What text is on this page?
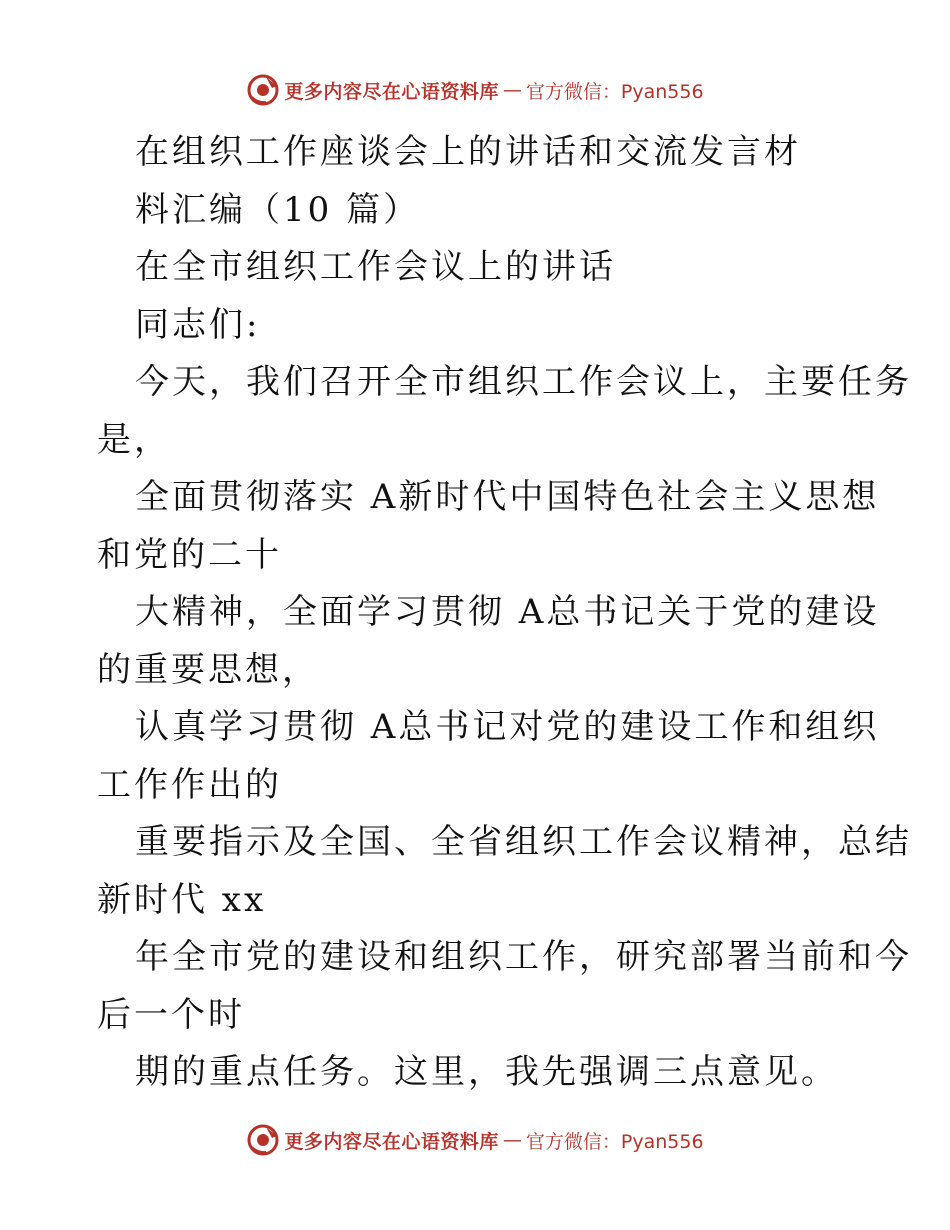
更多内容尽在心语资料库 — 官方微信：Pyan556
在组织工作座谈会上的讲话和交流发言材
料汇编（10 篇）
在全市组织工作会议上的讲话
同志们:
今天，我们召开全市组织工作会议上，主要任务
是，
全面贯彻落实 A新时代中国特色社会主义思想
和党的二十
大精神，全面学习贯彻 A总书记关于党的建设
的重要思想，
认真学习贯彻 A总书记对党的建设工作和组织
工作作出的
重要指示及全国、全省组织工作会议精神，总结
新时代 xx
年全市党的建设和组织工作，研究部署当前和今
后一个时
期的重点任务。这里，我先强调三点意见。
更多内容尽在心语资料库 — 官方微信：Pyan556
